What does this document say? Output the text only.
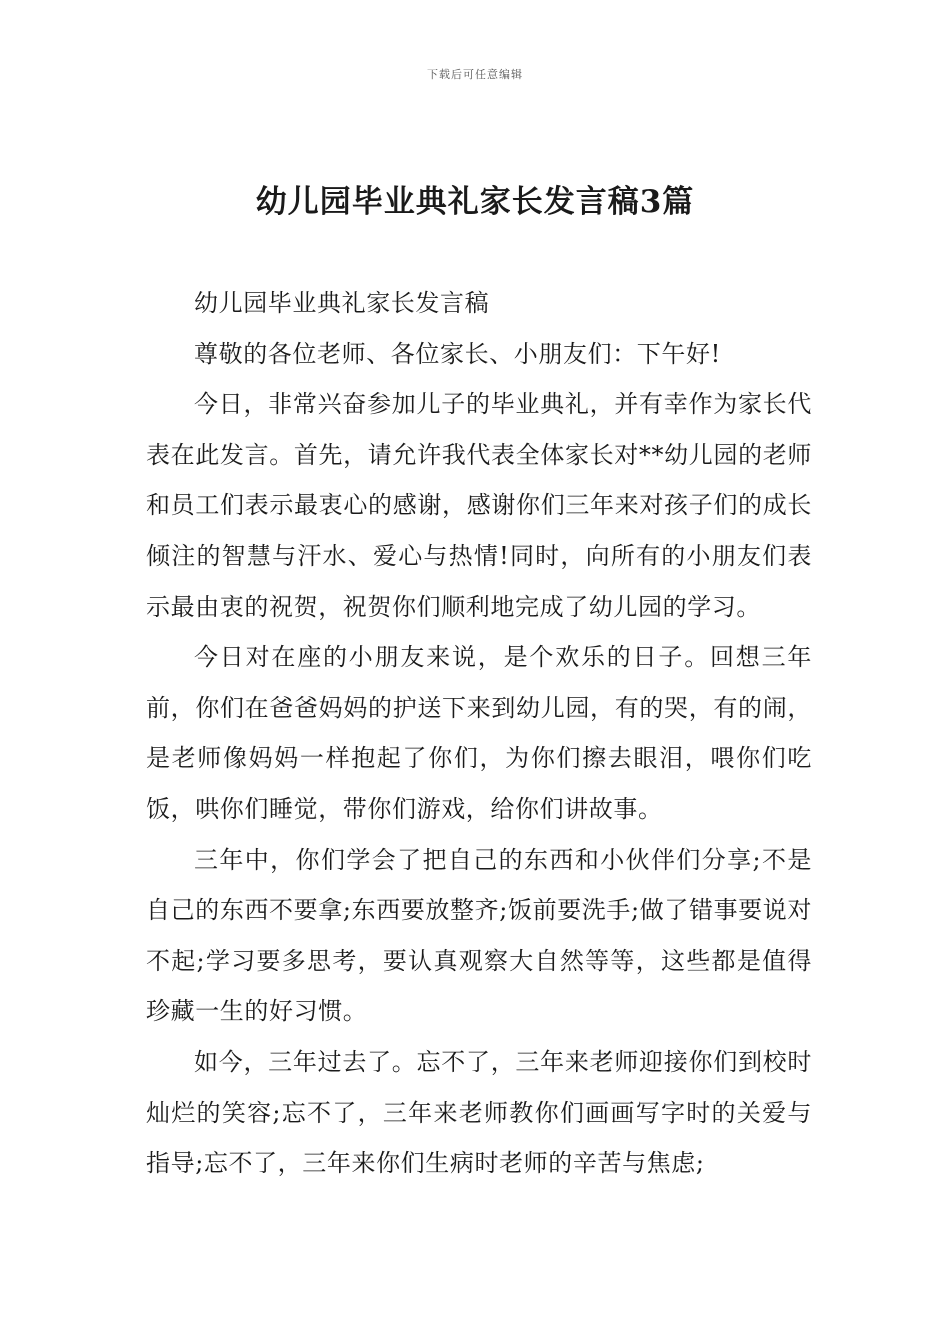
下载后可任意编辑
幼儿园毕业典礼家长发言稿3篇

幼儿园毕业典礼家长发言稿

尊敬的各位老师、各位家长、小朋友们：下午好!

今日，非常兴奋参加儿子的毕业典礼，并有幸作为家长代表在此发言。首先，请允许我代表全体家长对**幼儿园的老师和员工们表示最衷心的感谢，感谢你们三年来对孩子们的成长倾注的智慧与汗水、爱心与热情!同时，向所有的小朋友们表示最由衷的祝贺，祝贺你们顺利地完成了幼儿园的学习。

今日对在座的小朋友来说，是个欢乐的日子。回想三年前，你们在爸爸妈妈的护送下来到幼儿园，有的哭，有的闹，是老师像妈妈一样抱起了你们，为你们擦去眼泪，喂你们吃饭，哄你们睡觉，带你们游戏，给你们讲故事。

三年中，你们学会了把自己的东西和小伙伴们分享;不是自己的东西不要拿;东西要放整齐;饭前要洗手;做了错事要说对不起;学习要多思考，要认真观察大自然等等，这些都是值得珍藏一生的好习惯。

如今，三年过去了。忘不了，三年来老师迎接你们到校时灿烂的笑容;忘不了，三年来老师教你们画画写字时的关爱与指导;忘不了，三年来你们生病时老师的辛苦与焦虑;
